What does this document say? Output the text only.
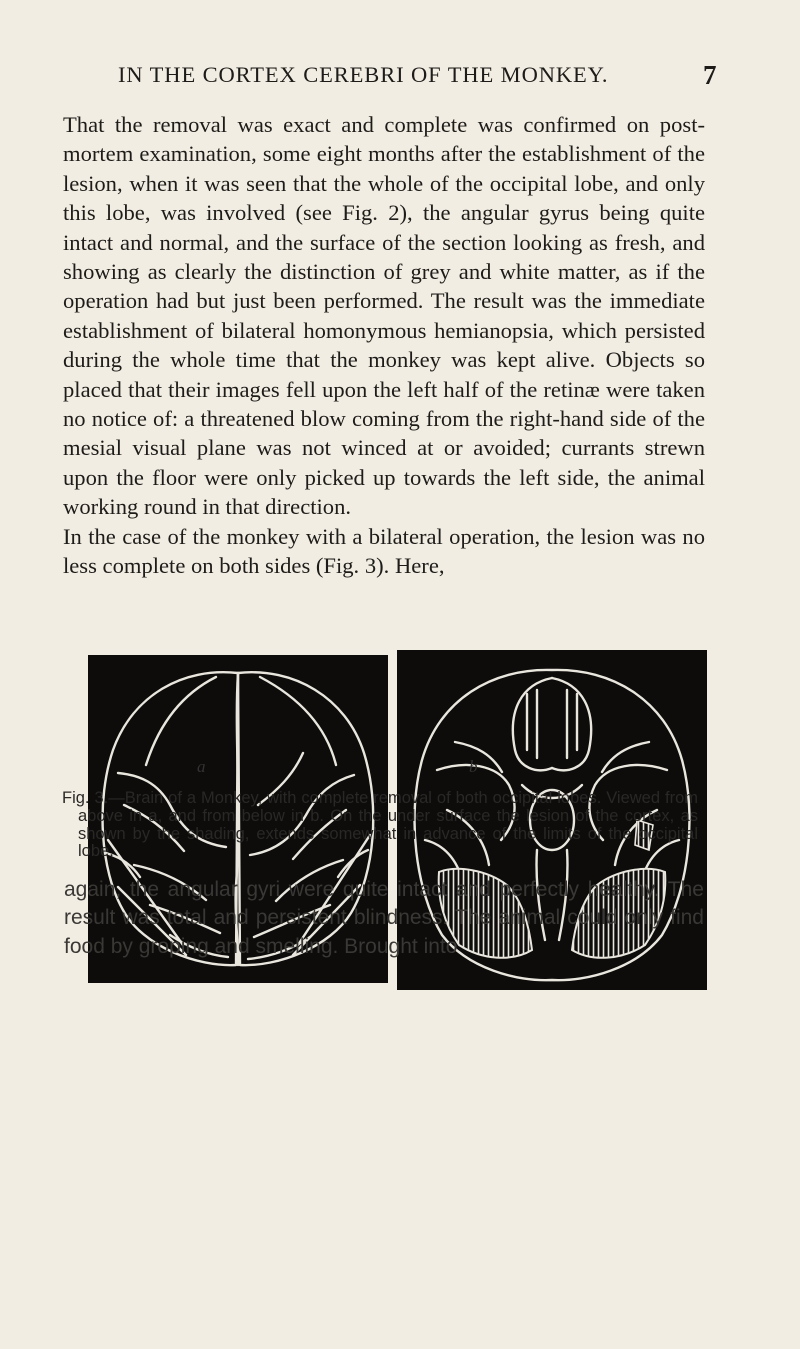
IN THE CORTEX CEREBRI OF THE MONKEY.	7

That the removal was exact and complete was confirmed on post-mortem examination, some eight months after the establishment of the lesion, when it was seen that the whole of the occipital lobe, and only this lobe, was involved (see Fig. 2), the angular gyrus being quite intact and normal, and the surface of the section looking as fresh, and showing as clearly the distinction of grey and white matter, as if the operation had but just been performed. The result was the immediate establishment of bilateral homonymous hemianopsia, which persisted during the whole time that the monkey was kept alive. Objects so placed that their images fell upon the left half of the retinæ were taken no notice of: a threatened blow coming from the right-hand side of the mesial visual plane was not winced at or avoided; currants strewn upon the floor were only picked up towards the left side, the animal working round in that direction.

In the case of the monkey with a bilateral operation, the lesion was no less complete on both sides (Fig. 3). Here,

a	b
Fig. 3.—Brain of a Monkey, with complete removal of both occipital lobes. Viewed from above in a, and from below in b. On the under surface the lesion of the cortex, as shown by the shading, extends somewhat in advance of the limits of the occipital lobe.

again, the angular gyri were quite intact and perfectly healthy. The result was total and persistent blindness. The animal could only find food by groping and smelling. Brought into
